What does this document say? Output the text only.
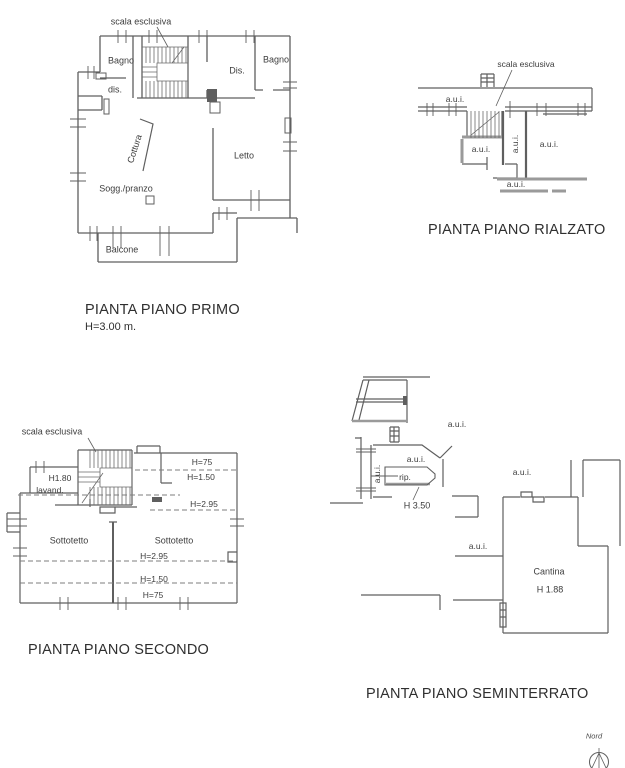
scala esclusiva
Bagno
dis.
Dis.
Bagno
Cottura	Letto
Sogg./pranzo
Balcone
PIANTA PIANO PRIMO
H=3.00 m.
scala esclusiva
a.u.i.
a.u.i. a.u.i. a.u.i.
a.u.i.
PIANTA PIANO RIALZATO
scala esclusiva
H1.80
lavand.
H=75
H=1.50
H=2.95
Sottotetto	Sottotetto
H=2.95
H=1.50
H=75
PIANTA PIANO SECONDO
a.u.i.
a.u.i.
a.u.i. rip.
H 3.50
a.u.i.
a.u.i.
Cantina
H 1.88
PIANTA PIANO SEMINTERRATO
Nord
